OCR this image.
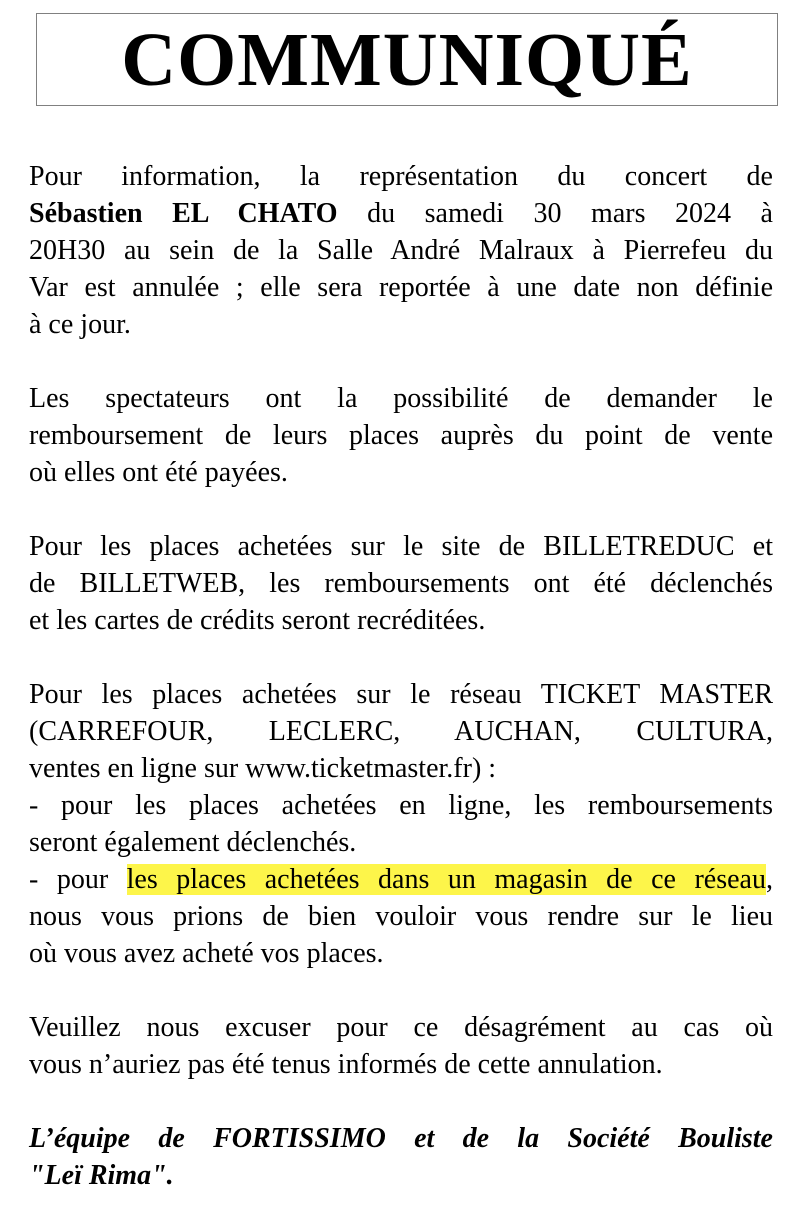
COMMUNIQUÉ

Pour information, la représentation du concert de
Sébastien EL CHATO du samedi 30 mars 2024 à
20H30 au sein de la Salle André Malraux à Pierrefeu du
Var est annulée ; elle sera reportée à une date non définie
à ce jour.

Les spectateurs ont la possibilité de demander le
remboursement de leurs places auprès du point de vente
où elles ont été payées.

Pour les places achetées sur le site de BILLETREDUC et
de BILLETWEB, les remboursements ont été déclenchés
et les cartes de crédits seront recréditées.

Pour les places achetées sur le réseau TICKET MASTER
(CARREFOUR, LECLERC, AUCHAN, CULTURA,
ventes en ligne sur www.ticketmaster.fr) :
- pour les places achetées en ligne, les remboursements
seront également déclenchés.
- pour les places achetées dans un magasin de ce réseau,
nous vous prions de bien vouloir vous rendre sur le lieu
où vous avez acheté vos places.

Veuillez nous excuser pour ce désagrément au cas où
vous n’auriez pas été tenus informés de cette annulation.

L’équipe de FORTISSIMO et de la Société Bouliste
"Leï Rima".
